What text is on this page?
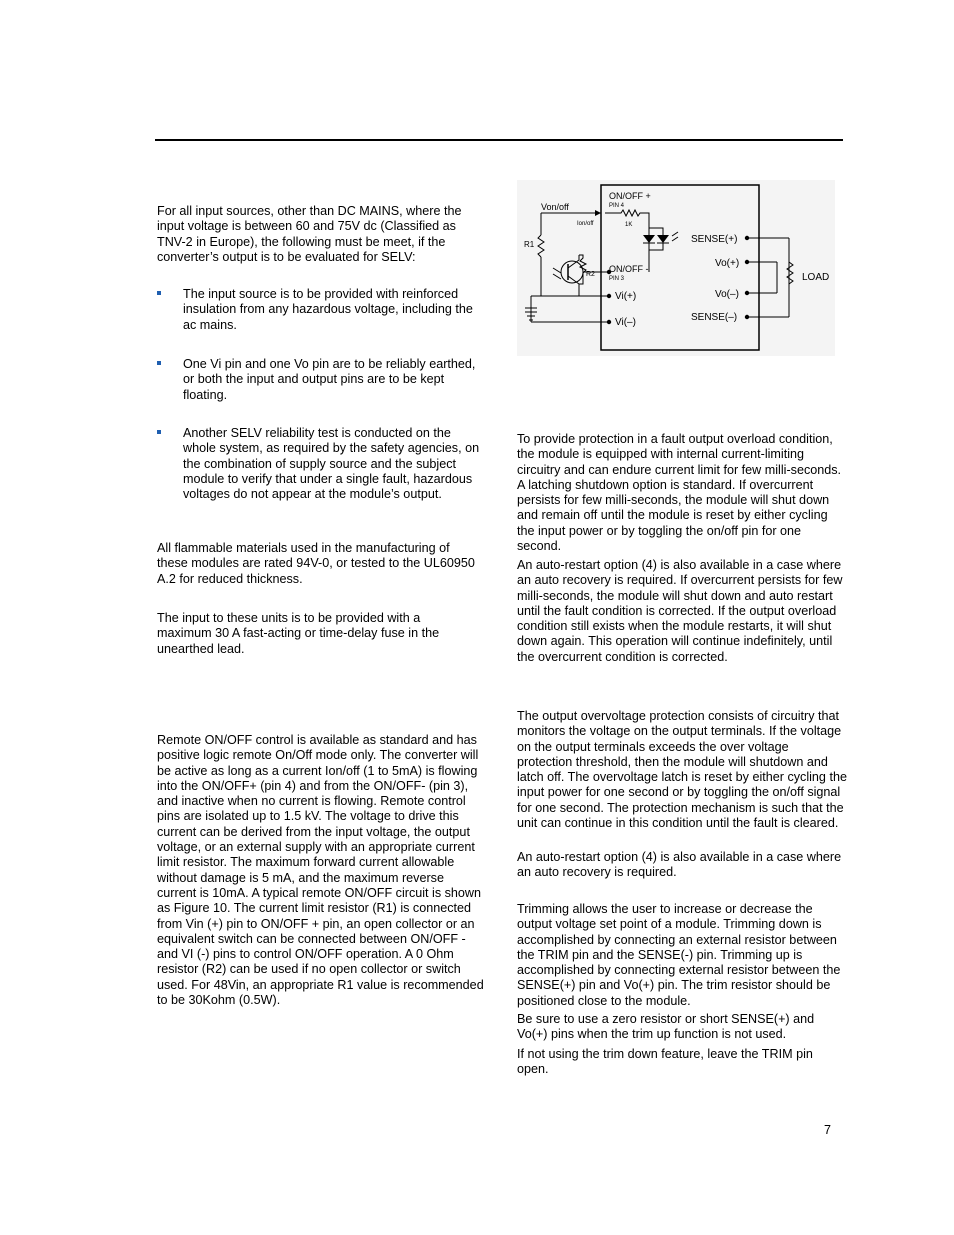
For all input sources, other than DC MAINS, where the input voltage is between 60 and 75V dc (Classified as TNV-2 in Europe), the following must be meet, if the converter’s output is to be evaluated for SELV:

The input source is to be provided with reinforced insulation from any hazardous voltage, including the ac mains.
One Vi pin and one Vo pin are to be reliably earthed, or both the input and output pins are to be kept floating.
Another SELV reliability test is conducted on the whole system, as required by the safety agencies, on the combination of supply source and the subject module to verify that under a single fault, hazardous voltages do not appear at the module’s output.

All flammable materials used in the manufacturing of these modules are rated 94V-0, or tested to the UL60950 A.2 for reduced thickness.

The input to these units is to be provided with a maximum 30 A fast-acting or time-delay fuse in the unearthed lead.

Remote ON/OFF control is available as standard and has positive logic remote On/Off mode only. The converter will be active as long as a current Ion/off (1 to 5mA) is flowing into the ON/OFF+ (pin 4) and from the ON/OFF- (pin 3), and inactive when no current is flowing. Remote control pins are isolated up to 1.5 kV. The voltage to drive this current can be derived from the input voltage, the output voltage, or an external supply with an appropriate current limit resistor. The maximum forward current allowable without damage is 5 mA, and the maximum reverse current is 10mA. A typical remote ON/OFF circuit is shown as Figure 10. The current limit resistor (R1) is connected from Vin (+) pin to ON/OFF + pin, an open collector or an equivalent switch can be connected between ON/OFF - and VI (-) pins to control ON/OFF operation. A 0 Ohm resistor (R2) can be used if no open collector or switch used. For 48Vin, an appropriate R1 value is recommended to be 30Kohm (0.5W).

Von/off
Ion/off
ON/OFF +
PIN 4
1K
ON/OFF -
PIN 3
R1
R2
Vi(+)
Vi(–)
SENSE(+)
Vo(+)
Vo(–)
SENSE(–)
LOAD

To provide protection in a fault output overload condition, the module is equipped with internal current-limiting circuitry and can endure current limit for few milli-seconds. A latching shutdown option is standard. If overcurrent persists for few milli-seconds, the module will shut down and remain off until the module is reset by either cycling the input power or by toggling the on/off pin for one second.

An auto-restart option (4) is also available in a case where an auto recovery is required. If overcurrent persists for few milli-seconds, the module will shut down and auto restart until the fault condition is corrected. If the output overload condition still exists when the module restarts, it will shut down again. This operation will continue indefinitely, until the overcurrent condition is corrected.

The output overvoltage protection consists of circuitry that monitors the voltage on the output terminals. If the voltage on the output terminals exceeds the over voltage protection threshold, then the module will shutdown and latch off. The overvoltage latch is reset by either cycling the input power for one second or by toggling the on/off signal for one second. The protection mechanism is such that the unit can continue in this condition until the fault is cleared.

An auto-restart option (4) is also available in a case where an auto recovery is required.

Trimming allows the user to increase or decrease the output voltage set point of a module. Trimming down is accomplished by connecting an external resistor between the TRIM pin and the SENSE(-) pin. Trimming up is accomplished by connecting external resistor between the SENSE(+) pin and Vo(+) pin. The trim resistor should be positioned close to the module.

Be sure to use a zero resistor or short SENSE(+) and Vo(+) pins when the trim up function is not used.

If not using the trim down feature, leave the TRIM pin open.

7
